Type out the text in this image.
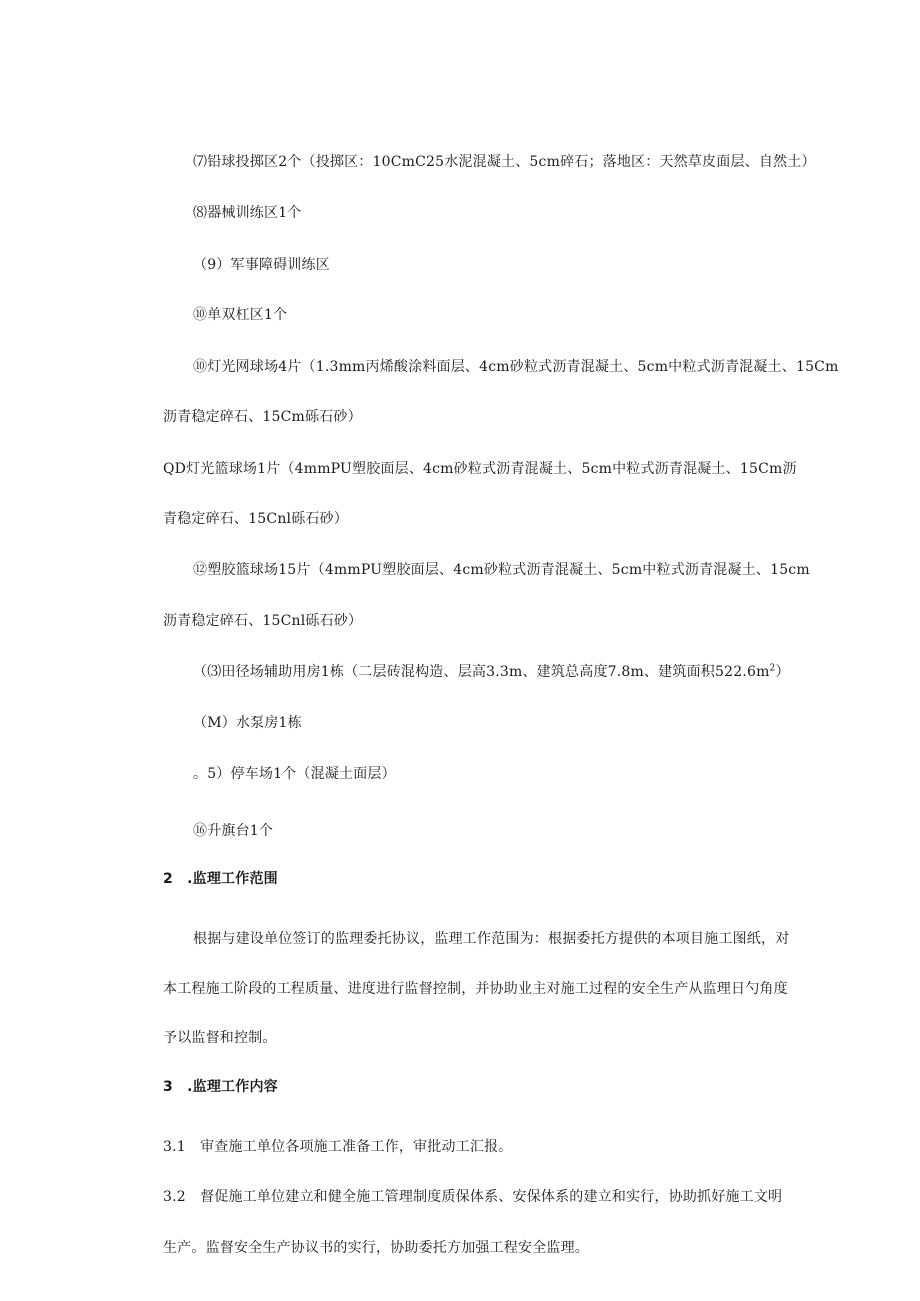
⑺铅球投掷区2个（投掷区：10CmC25水泥混凝土、5cm碎石；落地区：天然草皮面层、自然土）
⑻器械训练区1个
（9）军事障碍训练区
⑩单双杠区1个
⑩灯光网球场4片（1.3mm丙烯酸涂料面层、4cm砂粒式沥青混凝土、5cm中粒式沥青混凝土、15Cm
沥青稳定碎石、15Cm砾石砂）
QD灯光篮球场1片（4mmPU塑胶面层、4cm砂粒式沥青混凝土、5cm中粒式沥青混凝土、15Cm沥
青稳定碎石、15Cnl砾石砂）
⑫塑胶篮球场15片（4mmPU塑胶面层、4cm砂粒式沥青混凝土、5cm中粒式沥青混凝土、15cm
沥青稳定碎石、15Cnl砾石砂）
（⑶田径场辅助用房1栋（二层砖混构造、层高3.3m、建筑总高度7.8m、建筑面积$522.6m^2$）
（M）水泵房1栋
。5）停车场1个（混凝土面层）
⑯升旗台1个
2　.监理工作范围
根据与建设单位签订的监理委托协议，监理工作范围为：根据委托方提供的本项目施工图纸，对
本工程施工阶段的工程质量、进度进行监督控制，并协助业主对施工过程的安全生产从监理日勺角度
予以监督和控制。
3　.监理工作内容
3.1　审查施工单位各项施工准备工作，审批动工汇报。
3.2　督促施工单位建立和健全施工管理制度质保体系、安保体系的建立和实行，协助抓好施工文明
生产。监督安全生产协议书的实行，协助委托方加强工程安全监理。
